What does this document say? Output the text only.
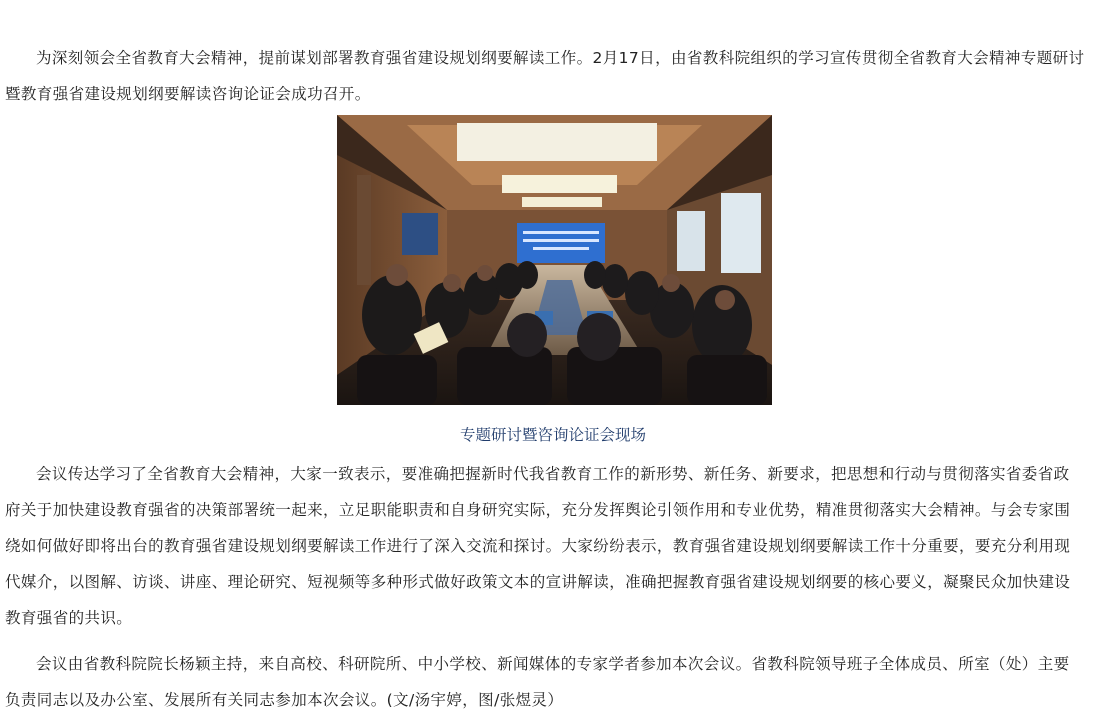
为深刻领会全省教育大会精神，提前谋划部署教育强省建设规划纲要解读工作。2月17日，由省教科院组织的学习宣传贯彻全省教育大会精神专题研讨暨教育强省建设规划纲要解读咨询论证会成功召开。

专题研讨暨咨询论证会现场

会议传达学习了全省教育大会精神，大家一致表示，要准确把握新时代我省教育工作的新形势、新任务、新要求，把思想和行动与贯彻落实省委省政府关于加快建设教育强省的决策部署统一起来，立足职能职责和自身研究实际，充分发挥舆论引领作用和专业优势，精准贯彻落实大会精神。与会专家围绕如何做好即将出台的教育强省建设规划纲要解读工作进行了深入交流和探讨。大家纷纷表示，教育强省建设规划纲要解读工作十分重要，要充分利用现代媒介，以图解、访谈、讲座、理论研究、短视频等多种形式做好政策文本的宣讲解读，准确把握教育强省建设规划纲要的核心要义，凝聚民众加快建设教育强省的共识。

会议由省教科院院长杨颖主持，来自高校、科研院所、中小学校、新闻媒体的专家学者参加本次会议。省教科院领导班子全体成员、所室（处）主要负责同志以及办公室、发展所有关同志参加本次会议。(文/汤宇婷，图/张煜灵）
